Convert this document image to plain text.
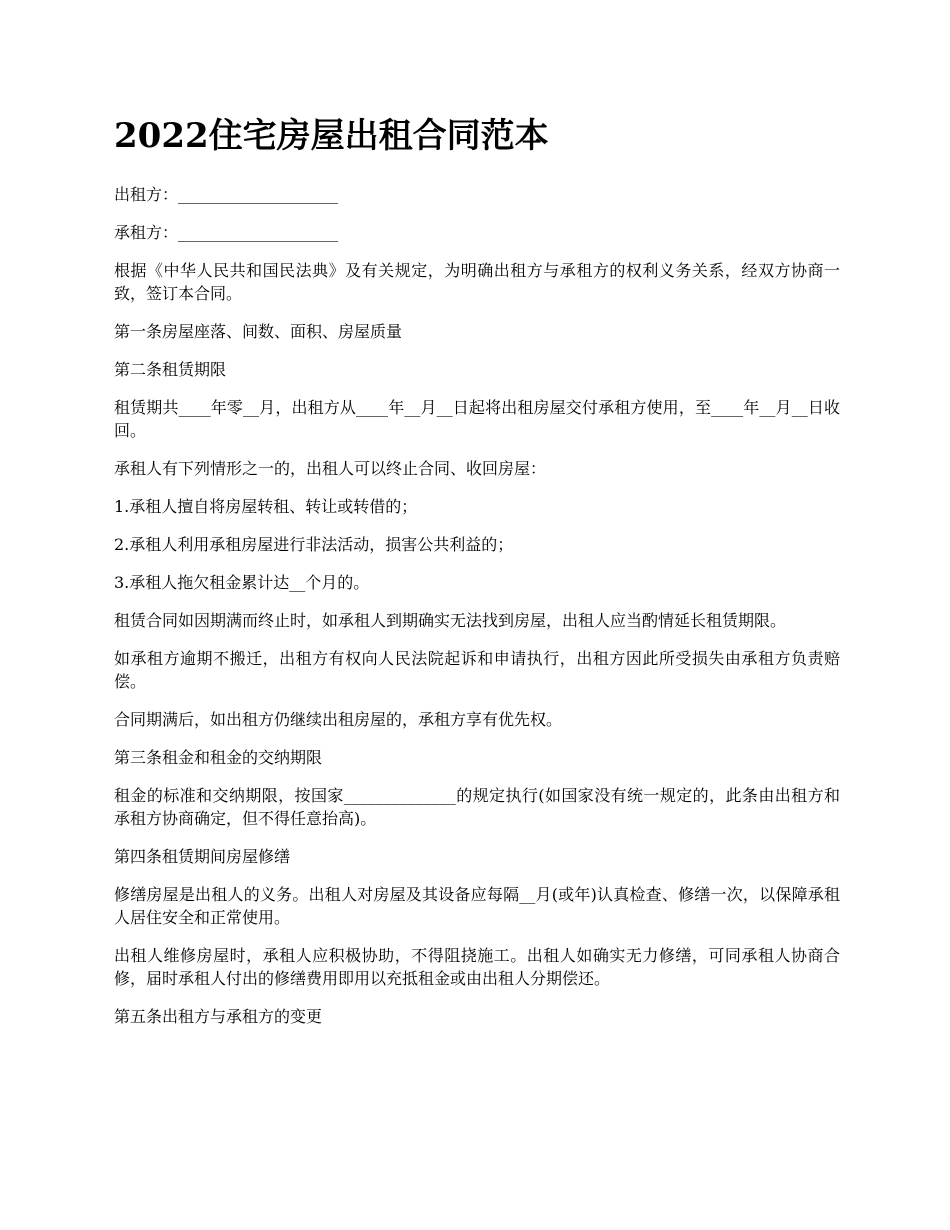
2022住宅房屋出租合同范本

出租方：____________________

承租方：____________________

根据《中华人民共和国民法典》及有关规定，为明确出租方与承租方的权利义务关系，经双方协商一致，签订本合同。

第一条房屋座落、间数、面积、房屋质量

第二条租赁期限

租赁期共____年零__月，出租方从____年__月__日起将出租房屋交付承租方使用，至____年__月__日收回。

承租人有下列情形之一的，出租人可以终止合同、收回房屋：

1.承租人擅自将房屋转租、转让或转借的；

2.承租人利用承租房屋进行非法活动，损害公共利益的；

3.承租人拖欠租金累计达__个月的。

租赁合同如因期满而终止时，如承租人到期确实无法找到房屋，出租人应当酌情延长租赁期限。

如承租方逾期不搬迁，出租方有权向人民法院起诉和申请执行，出租方因此所受损失由承租方负责赔偿。

合同期满后，如出租方仍继续出租房屋的，承租方享有优先权。

第三条租金和租金的交纳期限

租金的标准和交纳期限，按国家______________的规定执行(如国家没有统一规定的，此条由出租方和承租方协商确定，但不得任意抬高)。

第四条租赁期间房屋修缮

修缮房屋是出租人的义务。出租人对房屋及其设备应每隔__月(或年)认真检查、修缮一次，以保障承租人居住安全和正常使用。

出租人维修房屋时，承租人应积极协助，不得阻挠施工。出租人如确实无力修缮，可同承租人协商合修，届时承租人付出的修缮费用即用以充抵租金或由出租人分期偿还。

第五条出租方与承租方的变更
